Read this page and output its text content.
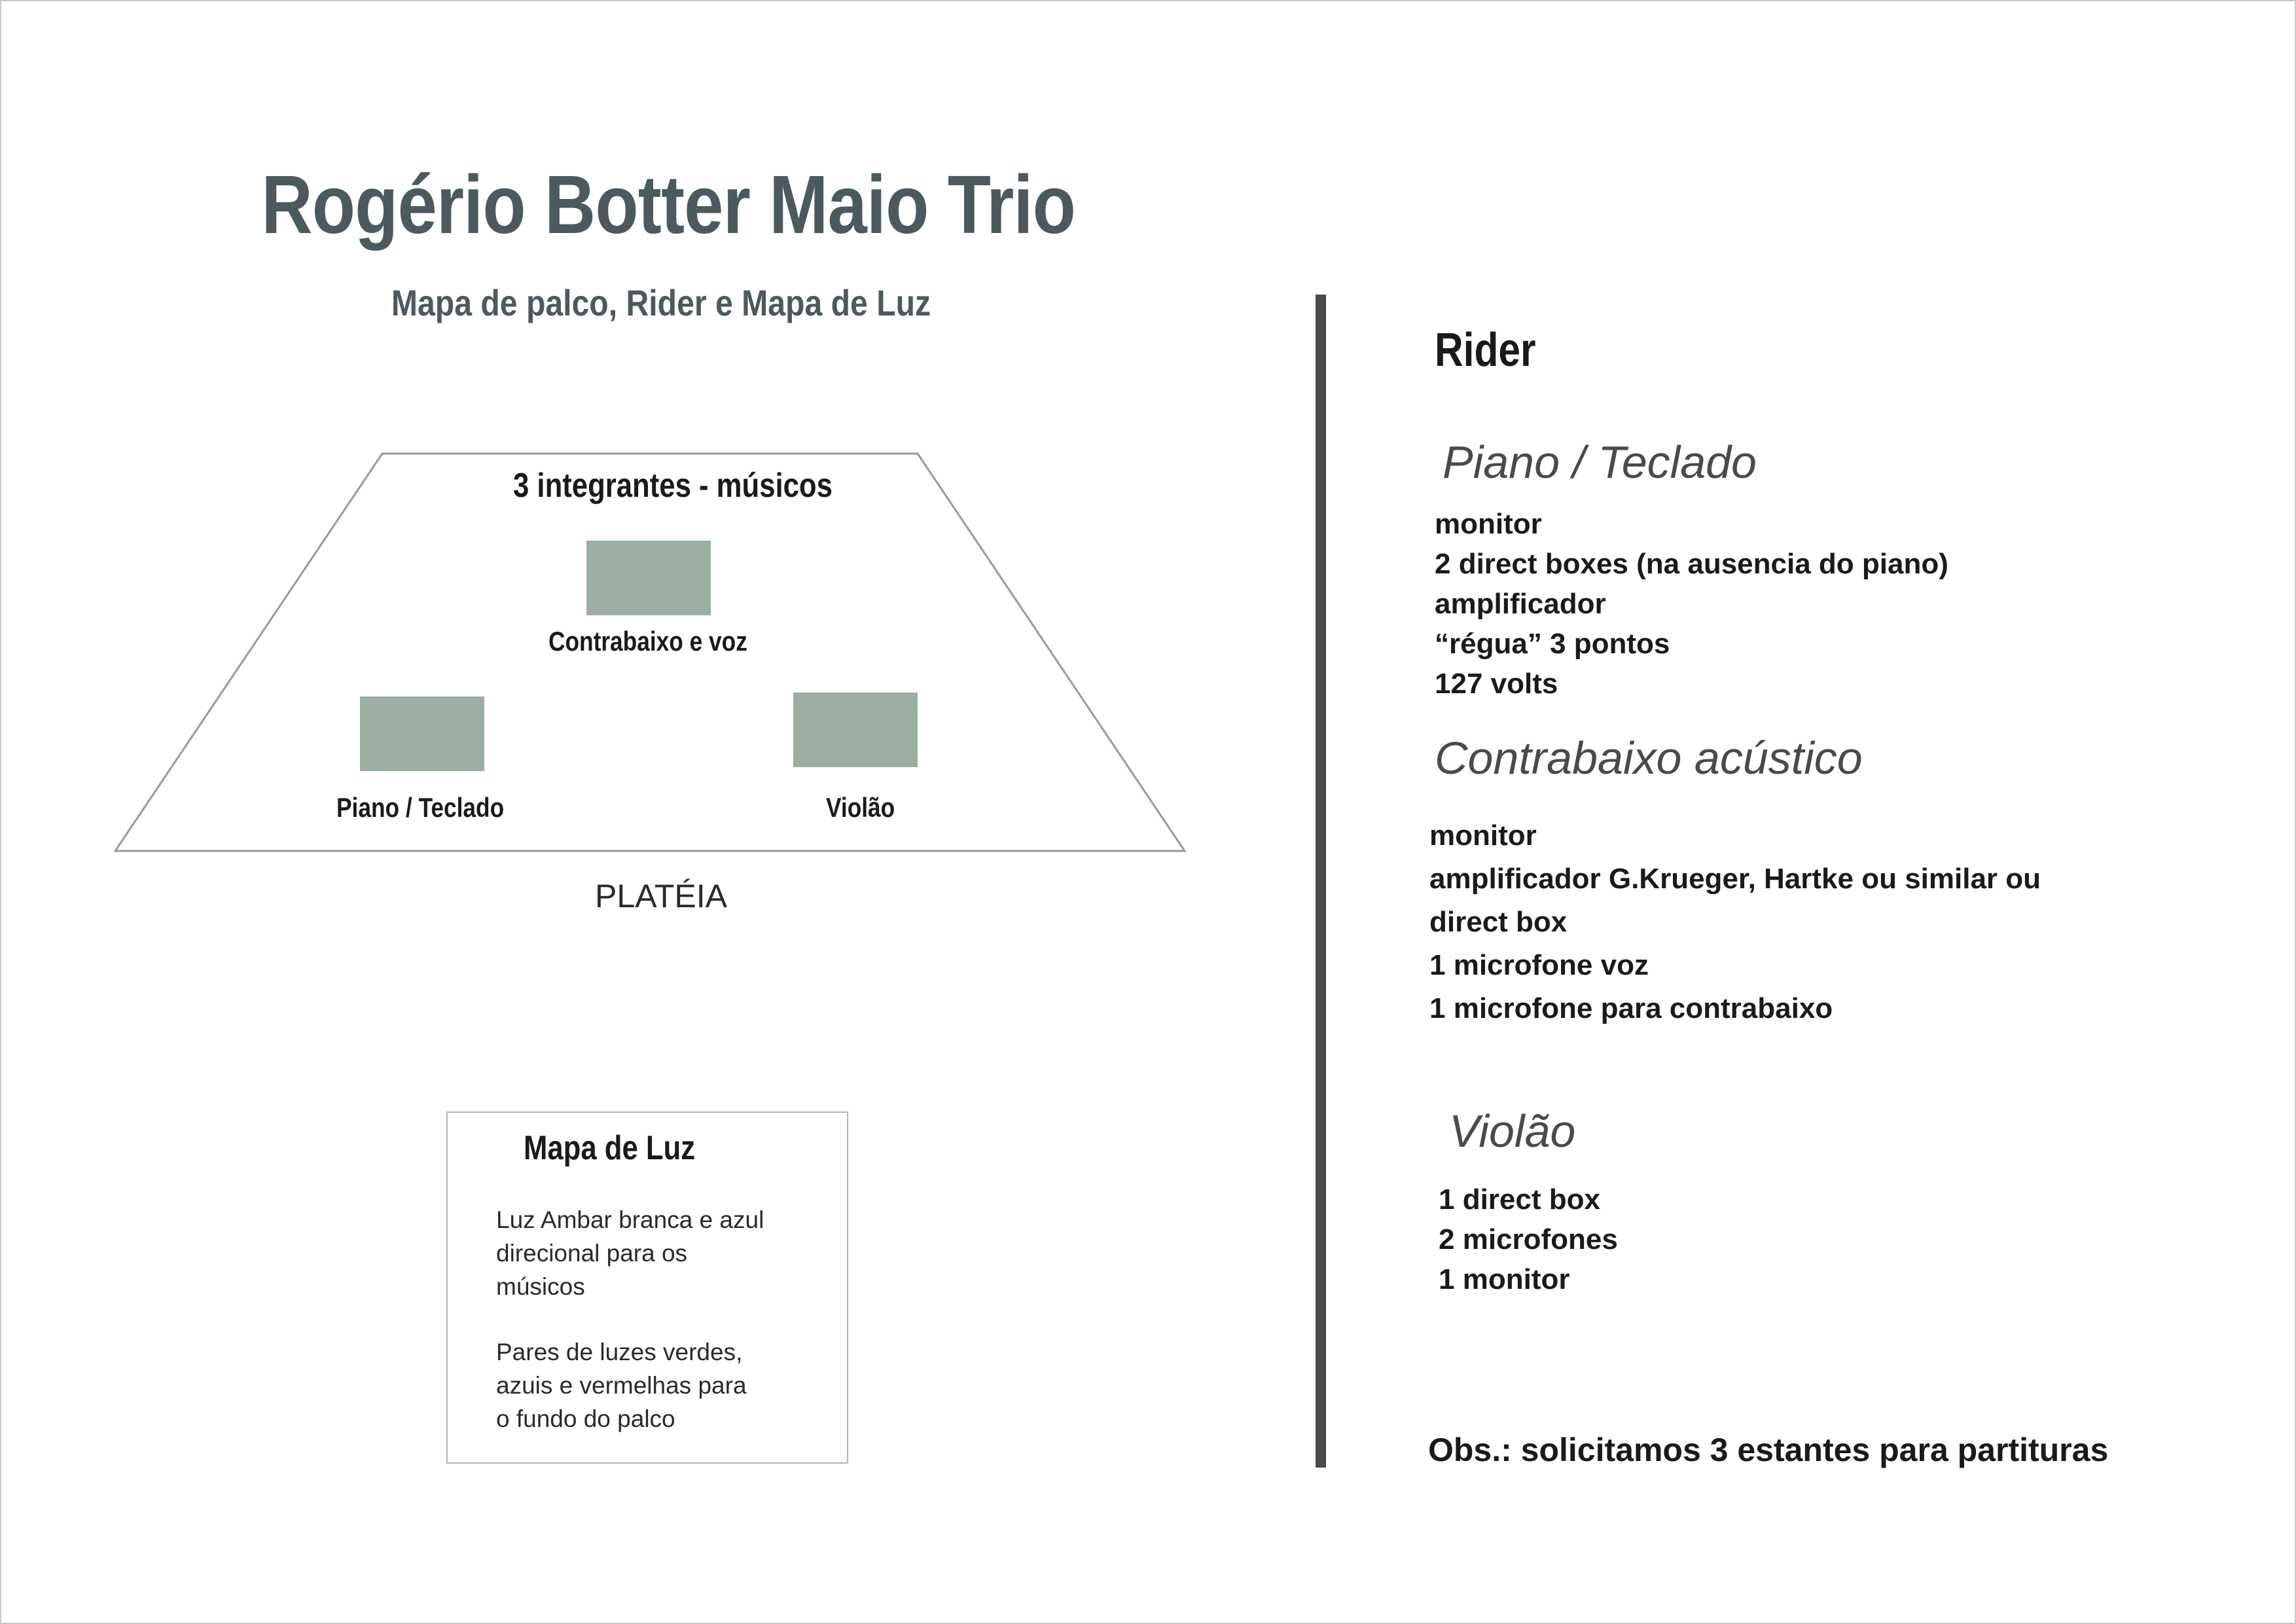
Rogério Botter Maio Trio
Mapa de palco, Rider e Mapa de Luz
3 integrantes - músicos
Contrabaixo e voz
Piano / Teclado	Violão
PLATÉIA
Mapa de Luz
Luz Ambar branca e azul direcional para os músicos
Pares de luzes verdes, azuis e vermelhas para o fundo do palco
Rider
Piano / Teclado
monitor
2 direct boxes (na ausencia do piano)
amplificador
“régua” 3 pontos
127 volts
Contrabaixo acústico
monitor
amplificador G.Krueger, Hartke ou similar ou
direct box
1 microfone voz
1 microfone para contrabaixo
Violão
1 direct box
2 microfones
1 monitor
Obs.: solicitamos 3 estantes para partituras
